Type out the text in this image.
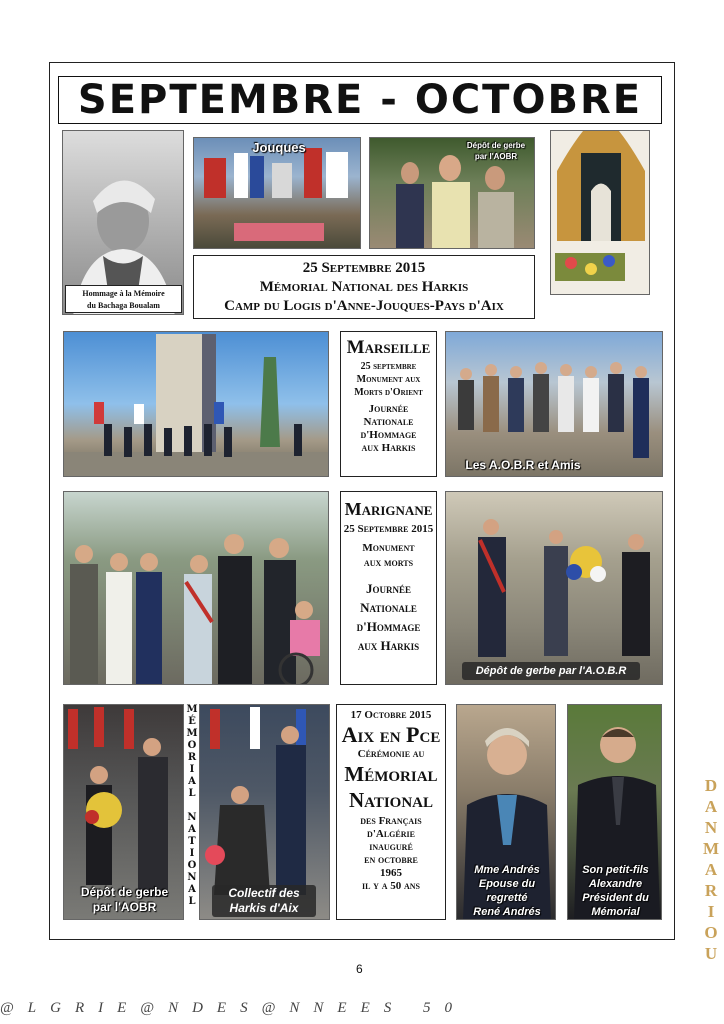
SEPTEMBRE - OCTOBRE
Hommage à la Mémoire
du Bachaga Boualam
Jouques	Dépôt de gerbe
par l'AOBR
25 Septembre 2015
Mémorial National des Harkis
Camp du Logis d'Anne-Jouques-Pays d'Aix
Marseille
25 septembre
Monument aux
Morts d'Orient
Journée
Nationale
d'Hommage
aux Harkis
Les A.O.B.R et Amis
Marignane
25 Septembre 2015
Monument
aux morts
Journée
Nationale
d'Hommage
aux Harkis
Dépôt de gerbe par l'A.O.B.R
Dépôt de gerbe
par l'AOBR
M
É
M
O
R
I
A
L

N
A
T
I
O
N
A
L
Collectif des
Harkis d'Aix
17 Octobre 2015
Aix en Pce
Cérémonie au
Mémorial
National
des Français
d'Algérie
inauguré
en octobre
1965
il y a 50 ans
Mme Andrés
Epouse du
regretté
René Andrés
Son petit-fils
Alexandre
Président du
Mémorial
6
@LGRIE@NDES@NNEES 50
D
A
N
M
A
R
I
O
U
